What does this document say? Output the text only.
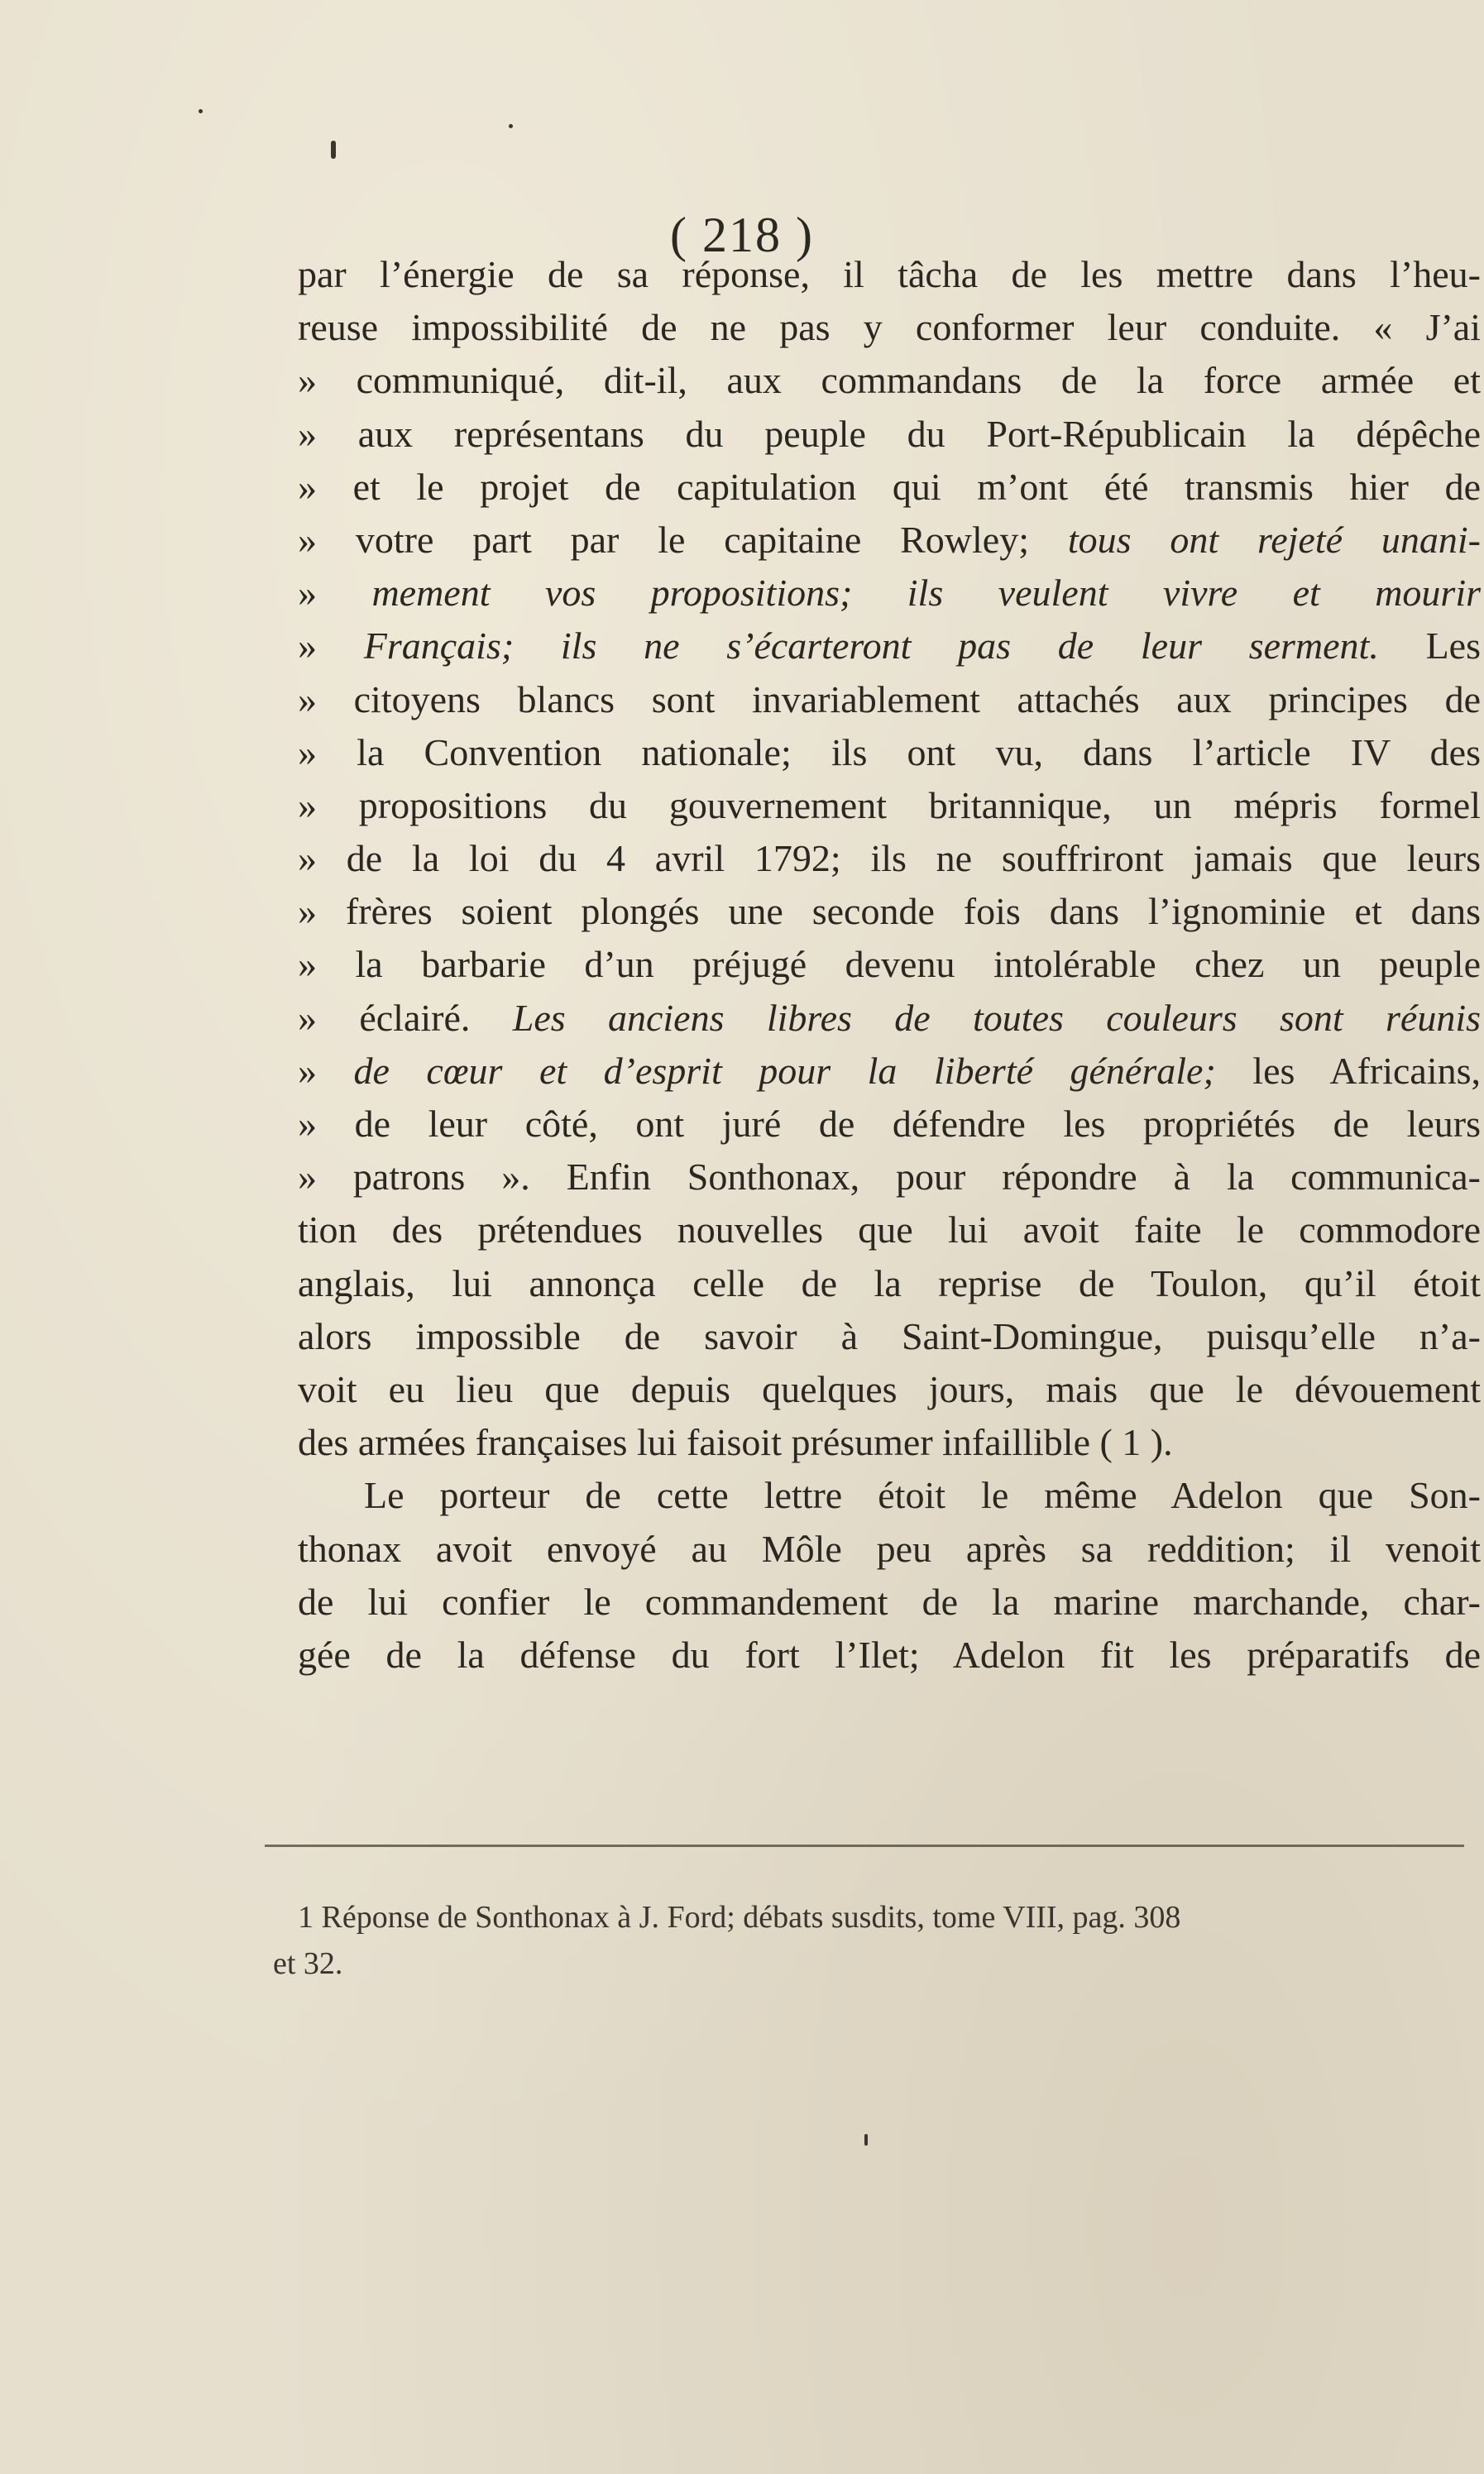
( 218 )
par l’énergie de sa réponse, il tâcha de les mettre dans l’heu-
reuse impossibilité de ne pas y conformer leur conduite. « J’ai
» communiqué, dit-il, aux commandans de la force armée et
» aux représentans du peuple du Port-Républicain la dépêche
» et le projet de capitulation qui m’ont été transmis hier de
» votre part par le capitaine Rowley; tous ont rejeté unani-
» mement vos propositions; ils veulent vivre et mourir
» Français; ils ne s’écarteront pas de leur serment. Les
» citoyens blancs sont invariablement attachés aux principes de
» la Convention nationale; ils ont vu, dans l’article IV des
» propositions du gouvernement britannique, un mépris formel
» de la loi du 4 avril 1792; ils ne souffriront jamais que leurs
» frères soient plongés une seconde fois dans l’ignominie et dans
» la barbarie d’un préjugé devenu intolérable chez un peuple
» éclairé. Les anciens libres de toutes couleurs sont réunis
» de cœur et d’esprit pour la liberté générale; les Africains,
» de leur côté, ont juré de défendre les propriétés de leurs
» patrons ». Enfin Sonthonax, pour répondre à la communica-
tion des prétendues nouvelles que lui avoit faite le commodore
anglais, lui annonça celle de la reprise de Toulon, qu’il étoit
alors impossible de savoir à Saint-Domingue, puisqu’elle n’a-
voit eu lieu que depuis quelques jours, mais que le dévouement
des armées françaises lui faisoit présumer infaillible ( 1 ).
Le porteur de cette lettre étoit le même Adelon que Son-
thonax avoit envoyé au Môle peu après sa reddition; il venoit
de lui confier le commandement de la marine marchande, char-
gée de la défense du fort l’Ilet; Adelon fit les préparatifs de
1 Réponse de Sonthonax à J. Ford; débats susdits, tome VIII, pag. 308
et 32.
